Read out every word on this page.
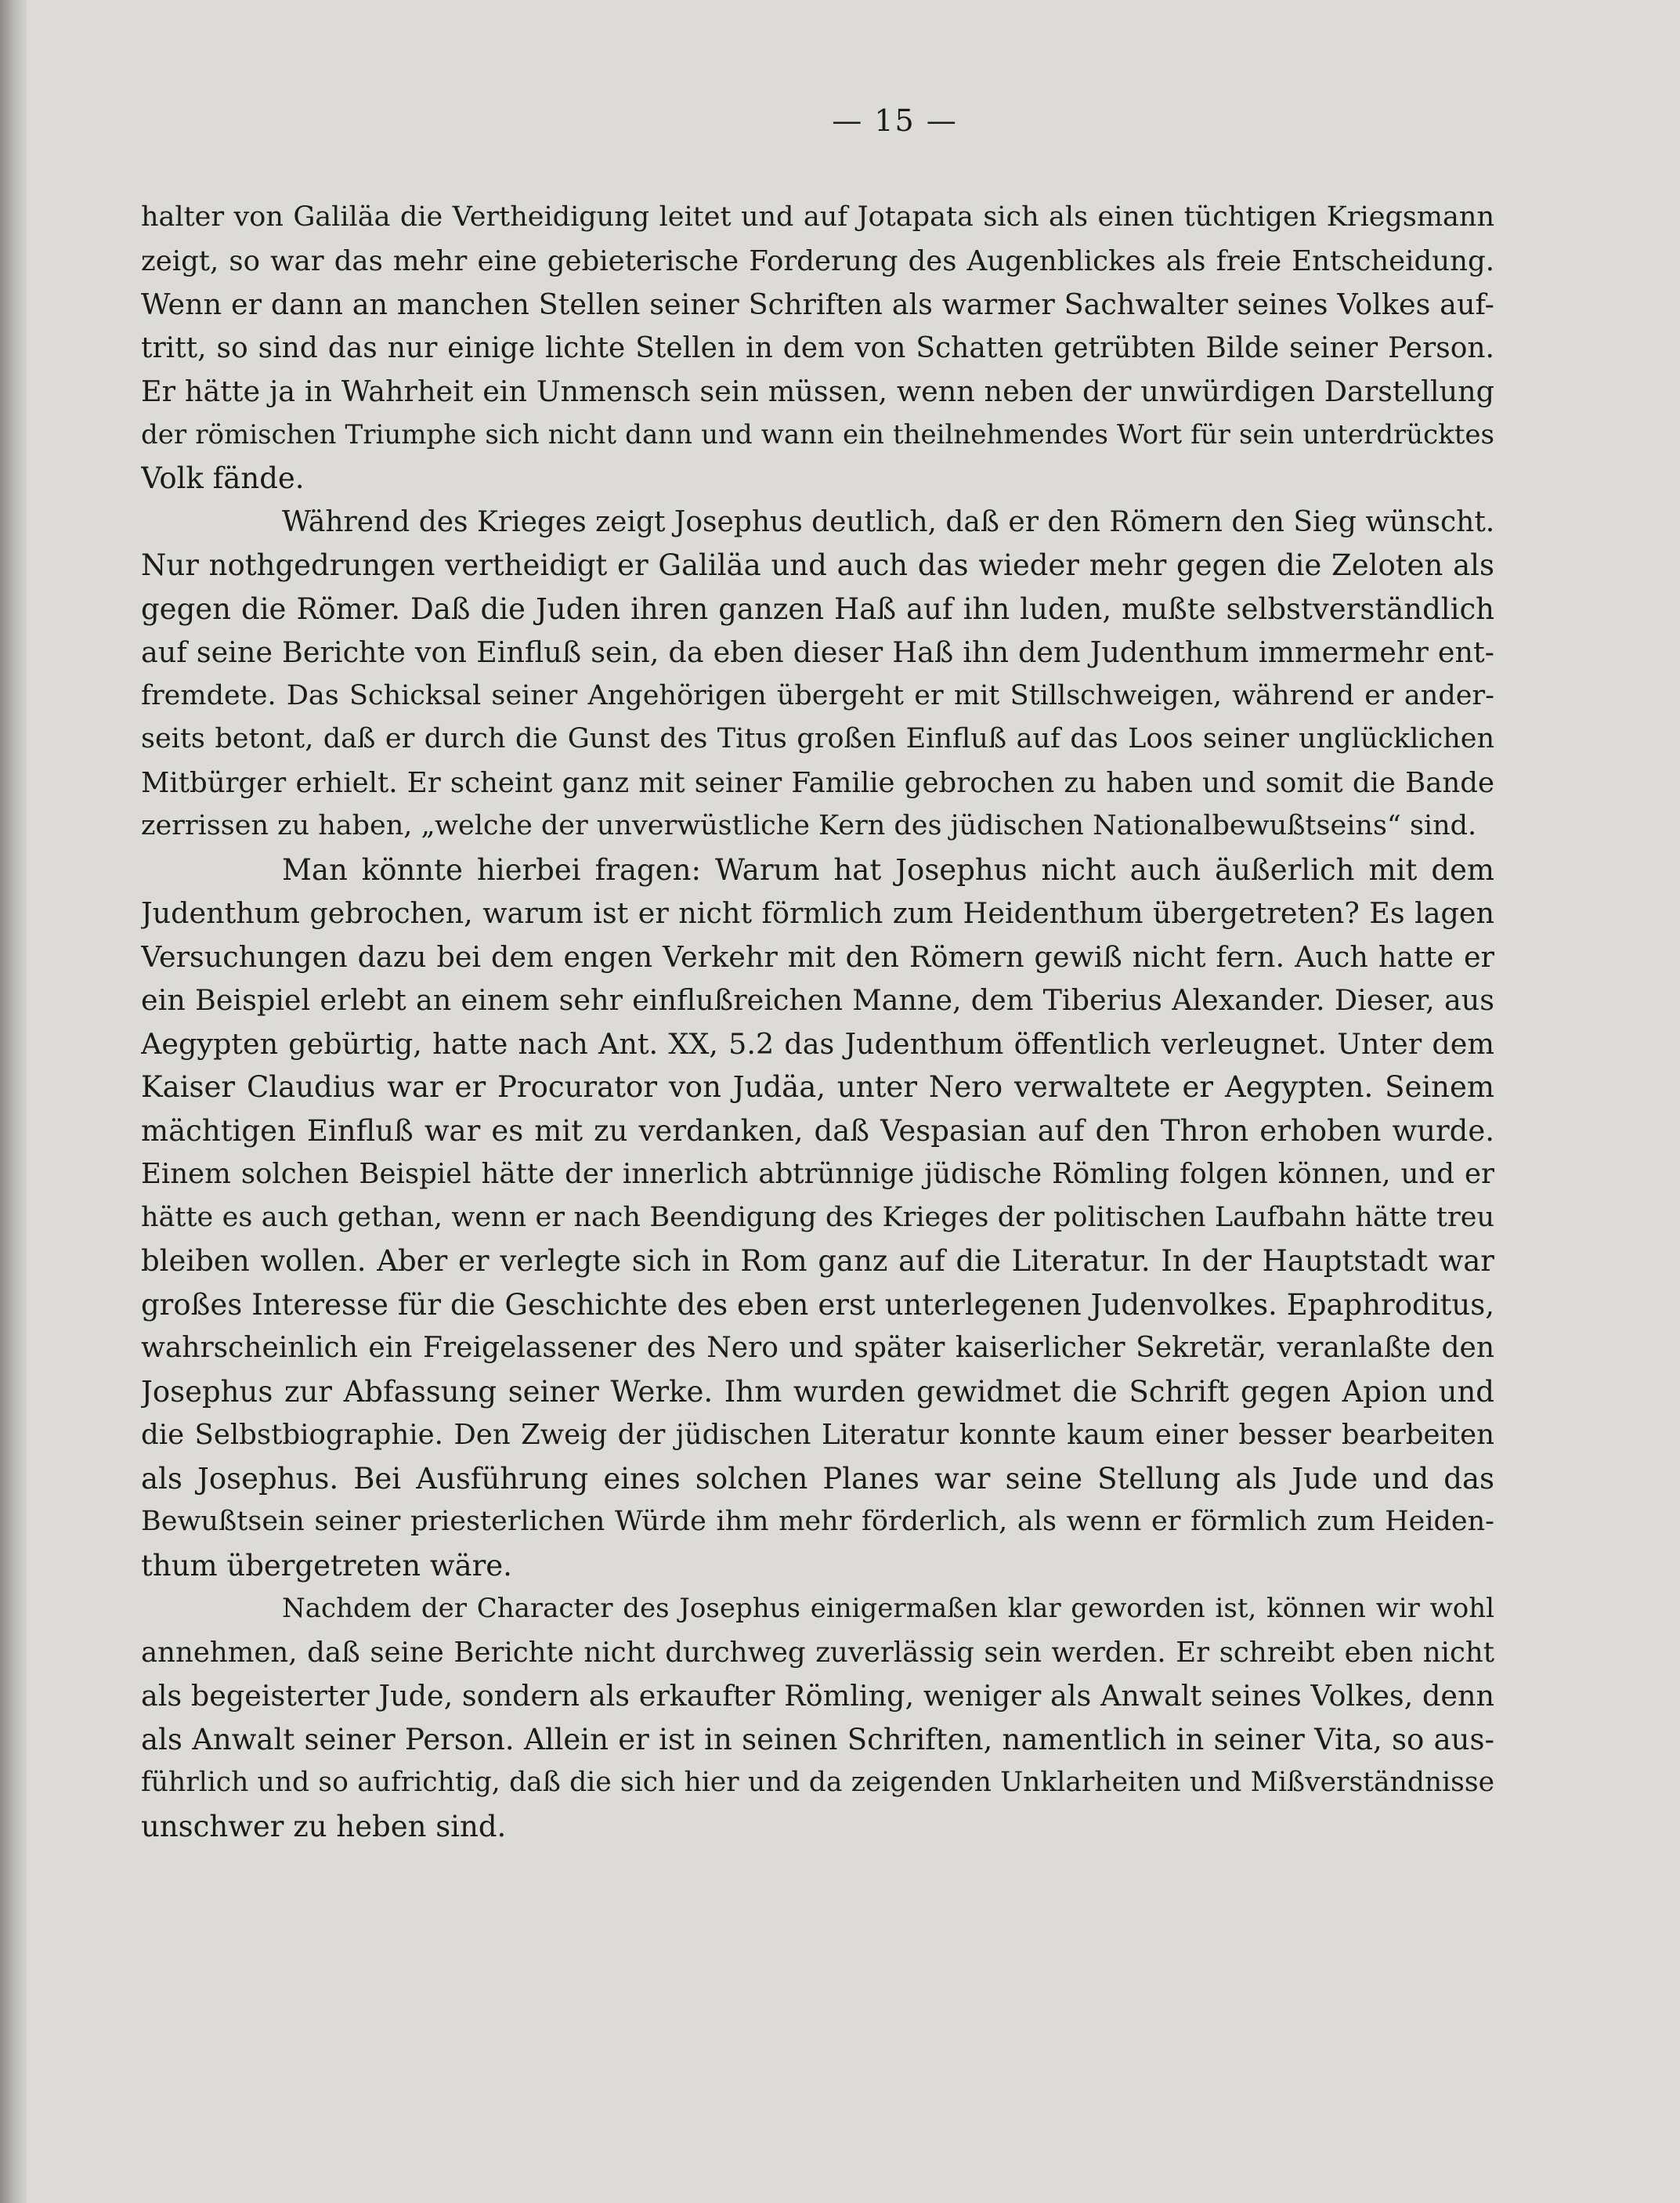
— 15 —
halter von Galiläa die Vertheidigung leitet und auf Jotapata sich als einen tüchtigen Kriegsmann
zeigt, so war das mehr eine gebieterische Forderung des Augenblickes als freie Entscheidung.
Wenn er dann an manchen Stellen seiner Schriften als warmer Sachwalter seines Volkes auf-
tritt, so sind das nur einige lichte Stellen in dem von Schatten getrübten Bilde seiner Person.
Er hätte ja in Wahrheit ein Unmensch sein müssen, wenn neben der unwürdigen Darstellung
der römischen Triumphe sich nicht dann und wann ein theilnehmendes Wort für sein unterdrücktes
Volk fände.
Während des Krieges zeigt Josephus deutlich, daß er den Römern den Sieg wünscht.
Nur nothgedrungen vertheidigt er Galiläa und auch das wieder mehr gegen die Zeloten als
gegen die Römer. Daß die Juden ihren ganzen Haß auf ihn luden, mußte selbstverständlich
auf seine Berichte von Einfluß sein, da eben dieser Haß ihn dem Judenthum immermehr ent-
fremdete. Das Schicksal seiner Angehörigen übergeht er mit Stillschweigen, während er ander-
seits betont, daß er durch die Gunst des Titus großen Einfluß auf das Loos seiner unglücklichen
Mitbürger erhielt. Er scheint ganz mit seiner Familie gebrochen zu haben und somit die Bande
zerrissen zu haben, „welche der unverwüstliche Kern des jüdischen Nationalbewußtseins“ sind.
Man könnte hierbei fragen: Warum hat Josephus nicht auch äußerlich mit dem
Judenthum gebrochen, warum ist er nicht förmlich zum Heidenthum übergetreten? Es lagen
Versuchungen dazu bei dem engen Verkehr mit den Römern gewiß nicht fern. Auch hatte er
ein Beispiel erlebt an einem sehr einflußreichen Manne, dem Tiberius Alexander. Dieser, aus
Aegypten gebürtig, hatte nach Ant. XX, 5.2 das Judenthum öffentlich verleugnet. Unter dem
Kaiser Claudius war er Procurator von Judäa, unter Nero verwaltete er Aegypten. Seinem
mächtigen Einfluß war es mit zu verdanken, daß Vespasian auf den Thron erhoben wurde.
Einem solchen Beispiel hätte der innerlich abtrünnige jüdische Römling folgen können, und er
hätte es auch gethan, wenn er nach Beendigung des Krieges der politischen Laufbahn hätte treu
bleiben wollen. Aber er verlegte sich in Rom ganz auf die Literatur. In der Hauptstadt war
großes Interesse für die Geschichte des eben erst unterlegenen Judenvolkes. Epaphroditus,
wahrscheinlich ein Freigelassener des Nero und später kaiserlicher Sekretär, veranlaßte den
Josephus zur Abfassung seiner Werke. Ihm wurden gewidmet die Schrift gegen Apion und
die Selbstbiographie. Den Zweig der jüdischen Literatur konnte kaum einer besser bearbeiten
als Josephus. Bei Ausführung eines solchen Planes war seine Stellung als Jude und das
Bewußtsein seiner priesterlichen Würde ihm mehr förderlich, als wenn er förmlich zum Heiden-
thum übergetreten wäre.
Nachdem der Character des Josephus einigermaßen klar geworden ist, können wir wohl
annehmen, daß seine Berichte nicht durchweg zuverlässig sein werden. Er schreibt eben nicht
als begeisterter Jude, sondern als erkaufter Römling, weniger als Anwalt seines Volkes, denn
als Anwalt seiner Person. Allein er ist in seinen Schriften, namentlich in seiner Vita, so aus-
führlich und so aufrichtig, daß die sich hier und da zeigenden Unklarheiten und Mißverständnisse
unschwer zu heben sind.
